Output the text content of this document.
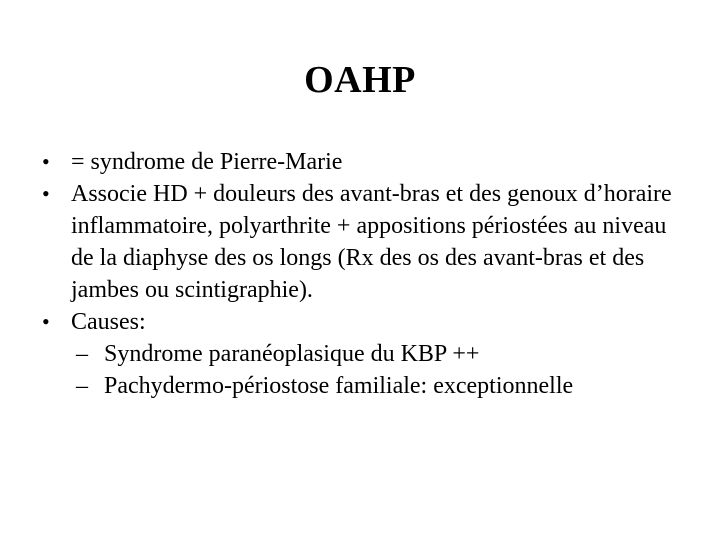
OAHP
• = syndrome de Pierre-Marie
• Associe HD + douleurs des avant-bras et des genoux d’horaire inflammatoire, polyarthrite + appositions périostées au niveau de la diaphyse des os longs (Rx des os des avant-bras et des jambes ou scintigraphie).
• Causes:
– Syndrome paranéoplasique du KBP ++
– Pachydermo-périostose familiale: exceptionnelle
